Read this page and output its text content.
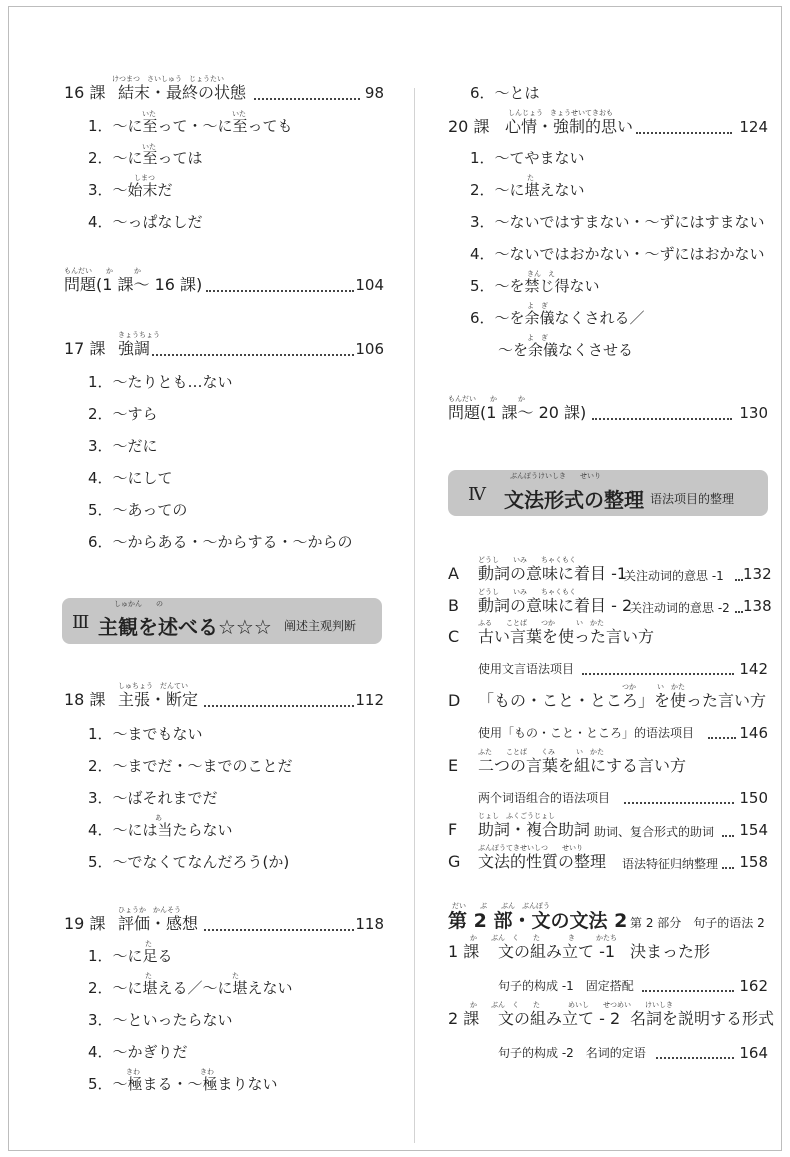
けつまつ　さいしゅう　じょうたい
16 課 結末・最終の状態	98
いた	いた
1．〜に至って・〜に至っても
いた
2．〜に至っては
しまつ
3．〜始末だ
4．〜っぱなしだ
もんだい　　か　　　か
問題(1 課〜 16 課)	104
きょうちょう
17 課 強調	106
1．〜たりとも…ない
2．〜すら
3．〜だに
4．〜にして
5．〜あっての
6．〜からある・〜からする・〜からの
Ⅲ
しゅかん　　の
主観を述べる☆☆☆ 阐述主观判断
しゅちょう　だんてい
18 課 主張・断定	112
1．〜までもない
2．〜までだ・〜までのことだ
3．〜ばそれまでだ
あ
4．〜には当たらない
5．〜でなくてなんだろう(か)
ひょうか　かんそう
19 課 評価・感想	118
た
1．〜に足る
た	た
2．〜に堪える／〜に堪えない
3．〜といったらない
4．〜かぎりだ
きわ	きわ
5．〜極まる・〜極まりない
6．〜とは
しんじょう　きょうせいてきおも
20 課 心情・強制的思い	124
1．〜てやまない
た
2．〜に堪えない
3．〜ないではすまない・〜ずにはすまない
4．〜ないではおかない・〜ずにはおかない
きん　え
5．〜を禁じ得ない
よ　ぎ
6．〜を余儀なくされる／
よ　ぎ
〜を余儀なくさせる
もんだい　　か　　　か
問題(1 課〜 20 課)	130
Ⅳ
ぶんぽうけいしき　　せいり
文法形式の整理 语法项目的整理
どうし　　いみ　　ちゃくもく
A 動詞の意味に着目 -1
关注动词的意思 -1 132
どうし　　いみ　　ちゃくもく
B 動詞の意味に着目 - 2
关注动词的意思 -2 138
ふる　　ことば　　つか　　　い　かた
C 古い言葉を使った言い方
使用文言语法项目	142
つか　　　い　かた
D 「もの・こと・ところ」を使った言い方
使用「もの・こと・ところ」的语法项目	146
ふた　　ことば　　くみ　　　い　かた
E 二つの言葉を組にする言い方
两个词语组合的语法项目	150
じょし　ふくごうじょし
F 助詞・複合助詞 助词、复合形式的助词	154
ぶんぽうてきせいしつ　　せいり
G 文法的性質の整理 语法特征归纳整理	158
だい　　ぶ　　ぶん　ぶんぽう
第 2 部・文の文法 2 第 2 部分　句子的语法 2
か　　ぶん　く　　た　　　　き　　　かたち
1 課 文の組み立て -1 決まった形
句子的构成 -1　固定搭配	162
か　　ぶん　く　　た　　　　めいし　　せつめい　　けいしき
2 課 文の組み立て - 2 名詞を説明する形式
句子的构成 -2　名词的定语	164
